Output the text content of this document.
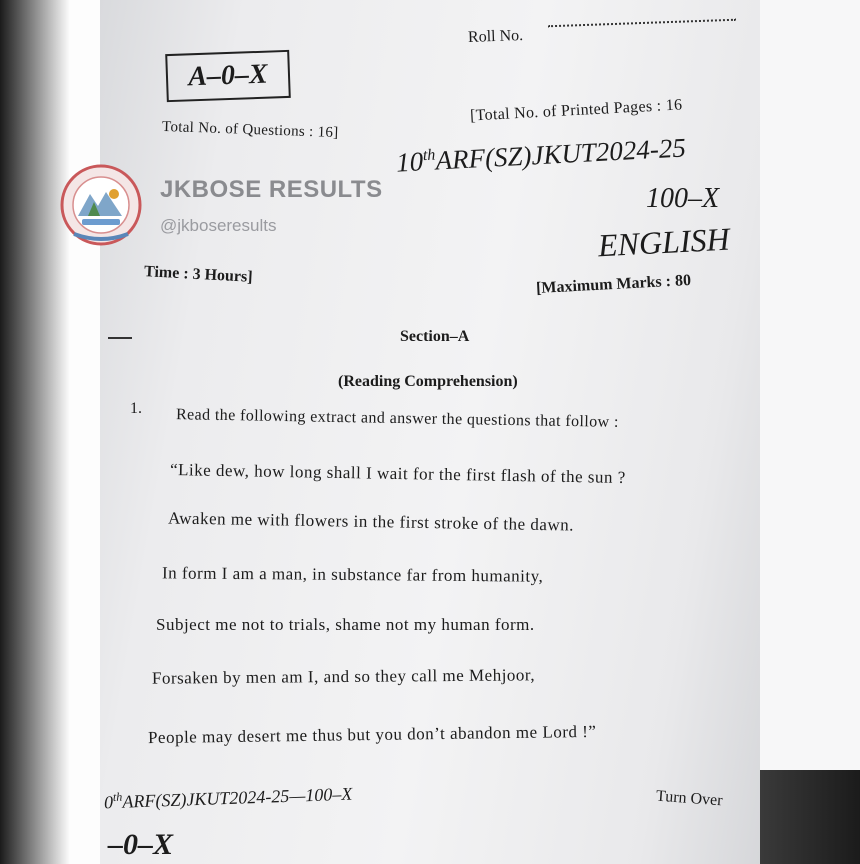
Roll No.
A–0–X
Total No. of Questions : 16]
[Total No. of Printed Pages : 16
10thARF(SZ)JKUT2024-25
100–X
ENGLISH
Time : 3 Hours]	[Maximum Marks : 80
JKBOSE RESULTS
@jkboseresults
Section–A
(Reading Comprehension)
1. Read the following extract and answer the questions that follow :
“Like dew, how long shall I wait for the first flash of the sun ?
Awaken me with flowers in the first stroke of the dawn.
In form I am a man, in substance far from humanity,
Subject me not to trials, shame not my human form.
Forsaken by men am I, and so they call me Mehjoor,
People may desert me thus but you don’t abandon me Lord !”
0thARF(SZ)JKUT2024-25—100–X	Turn Over
–0–X
